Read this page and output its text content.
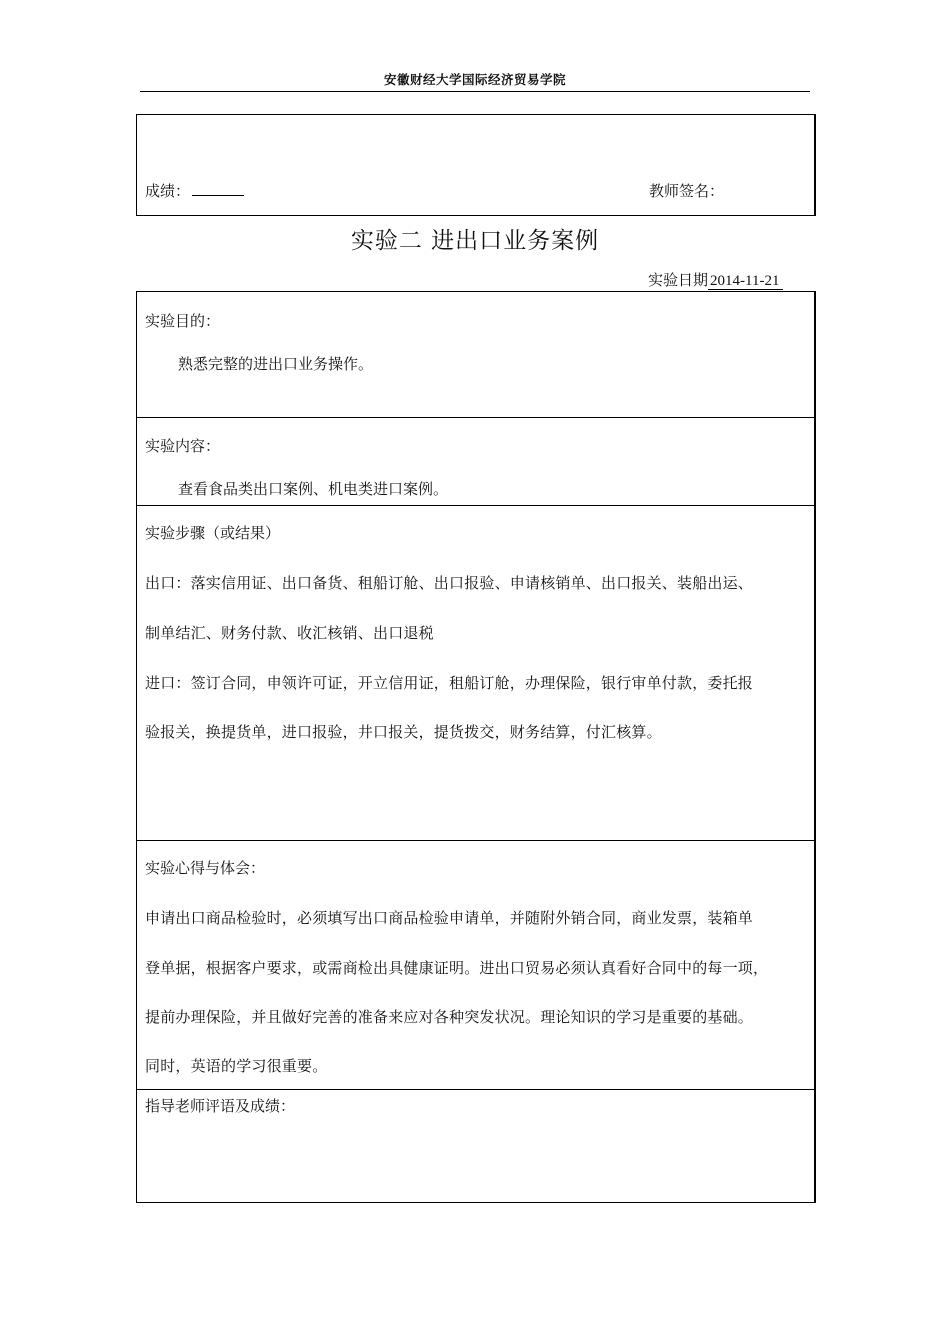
安徽财经大学国际经济贸易学院
成绩：	教师签名：
实验二 进出口业务案例
实验日期 2014-11-21
实验目的：
熟悉完整的进出口业务操作。
实验内容：
查看食品类出口案例、机电类进口案例。
实验步骤（或结果）
出口：落实信用证、出口备货、租船订舱、出口报验、申请核销单、出口报关、装船出运、
制单结汇、财务付款、收汇核销、出口退税
进口：签订合同，申领许可证，开立信用证，租船订舱，办理保险，银行审单付款，委托报
验报关，换提货单，进口报验，井口报关，提货拨交，财务结算，付汇核算。
实验心得与体会：
申请出口商品检验时，必须填写出口商品检验申请单，并随附外销合同，商业发票，装箱单
登单据，根据客户要求，或需商检出具健康证明。进出口贸易必须认真看好合同中的每一项，
提前办理保险，并且做好完善的准备来应对各种突发状况。理论知识的学习是重要的基础。
同时，英语的学习很重要。
指导老师评语及成绩：
